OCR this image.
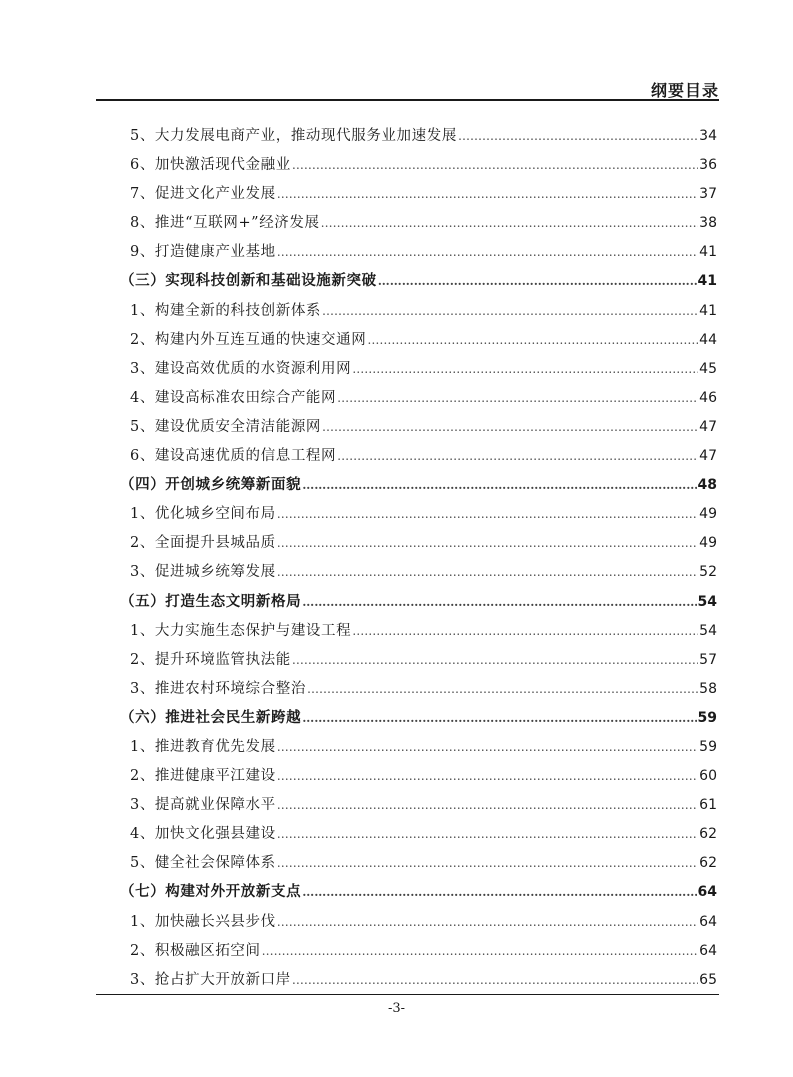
纲要目录
5、大力发展电商产业，推动现代服务业加速发展 …………………………………………………………………………………………………………………………………………………………	34
6、加快激活现代金融业 …………………………………………………………………………………………………………………………………………………………	36
7、促进文化产业发展 …………………………………………………………………………………………………………………………………………………………	37
8、推进“互联网+”经济发展 …………………………………………………………………………………………………………………………………………………………	38
9、打造健康产业基地 …………………………………………………………………………………………………………………………………………………………	41
（三）实现科技创新和基础设施新突破 …………………………………………………………………………………………………………………………………………………………	41
1、构建全新的科技创新体系 …………………………………………………………………………………………………………………………………………………………	41
2、构建内外互连互通的快速交通网 …………………………………………………………………………………………………………………………………………………………	44
3、建设高效优质的水资源利用网 …………………………………………………………………………………………………………………………………………………………	45
4、建设高标准农田综合产能网 …………………………………………………………………………………………………………………………………………………………	46
5、建设优质安全清洁能源网 …………………………………………………………………………………………………………………………………………………………	47
6、建设高速优质的信息工程网 …………………………………………………………………………………………………………………………………………………………	47
（四）开创城乡统筹新面貌 …………………………………………………………………………………………………………………………………………………………	48
1、优化城乡空间布局 …………………………………………………………………………………………………………………………………………………………	49
2、全面提升县城品质 …………………………………………………………………………………………………………………………………………………………	49
3、促进城乡统筹发展 …………………………………………………………………………………………………………………………………………………………	52
（五）打造生态文明新格局 …………………………………………………………………………………………………………………………………………………………	54
1、大力实施生态保护与建设工程 …………………………………………………………………………………………………………………………………………………………	54
2、提升环境监管执法能 …………………………………………………………………………………………………………………………………………………………	57
3、推进农村环境综合整治 …………………………………………………………………………………………………………………………………………………………	58
（六）推进社会民生新跨越 …………………………………………………………………………………………………………………………………………………………	59
1、推进教育优先发展 …………………………………………………………………………………………………………………………………………………………	59
2、推进健康平江建设 …………………………………………………………………………………………………………………………………………………………	60
3、提高就业保障水平 …………………………………………………………………………………………………………………………………………………………	61
4、加快文化强县建设 …………………………………………………………………………………………………………………………………………………………	62
5、健全社会保障体系 …………………………………………………………………………………………………………………………………………………………	62
（七）构建对外开放新支点 …………………………………………………………………………………………………………………………………………………………	64
1、加快融长兴县步伐 …………………………………………………………………………………………………………………………………………………………	64
2、积极融区拓空间 …………………………………………………………………………………………………………………………………………………………	64
3、抢占扩大开放新口岸 …………………………………………………………………………………………………………………………………………………………	65
-3-
